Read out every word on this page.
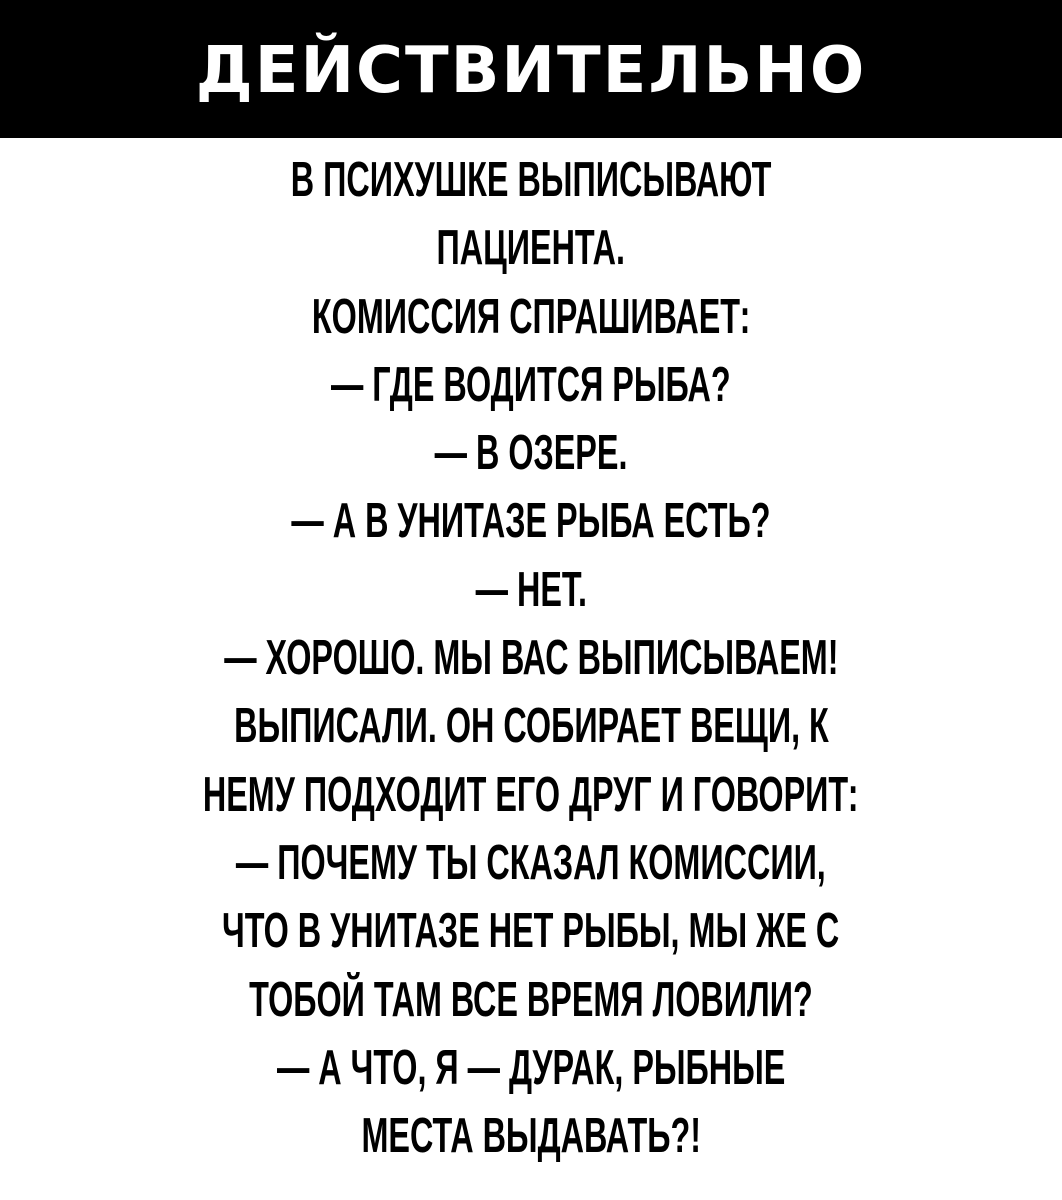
ДЕЙСТВИТЕЛЬНО
В ПСИХУШКЕ ВЫПИСЫВАЮТ
ПАЦИЕНТА.
КОМИССИЯ СПРАШИВАЕТ:
— ГДЕ ВОДИТСЯ РЫБА?
— В ОЗЕРЕ.
— А В УНИТАЗЕ РЫБА ЕСТЬ?
— НЕТ.
— ХОРОШО. МЫ ВАС ВЫПИСЫВАЕМ!
ВЫПИСАЛИ. ОН СОБИРАЕТ ВЕЩИ, К
НЕМУ ПОДХОДИТ ЕГО ДРУГ И ГОВОРИТ:
— ПОЧЕМУ ТЫ СКАЗАЛ КОМИССИИ,
ЧТО В УНИТАЗЕ НЕТ РЫБЫ, МЫ ЖЕ С
ТОБОЙ ТАМ ВСЕ ВРЕМЯ ЛОВИЛИ?
— А ЧТО, Я — ДУРАК, РЫБНЫЕ
МЕСТА ВЫДАВАТЬ?!
